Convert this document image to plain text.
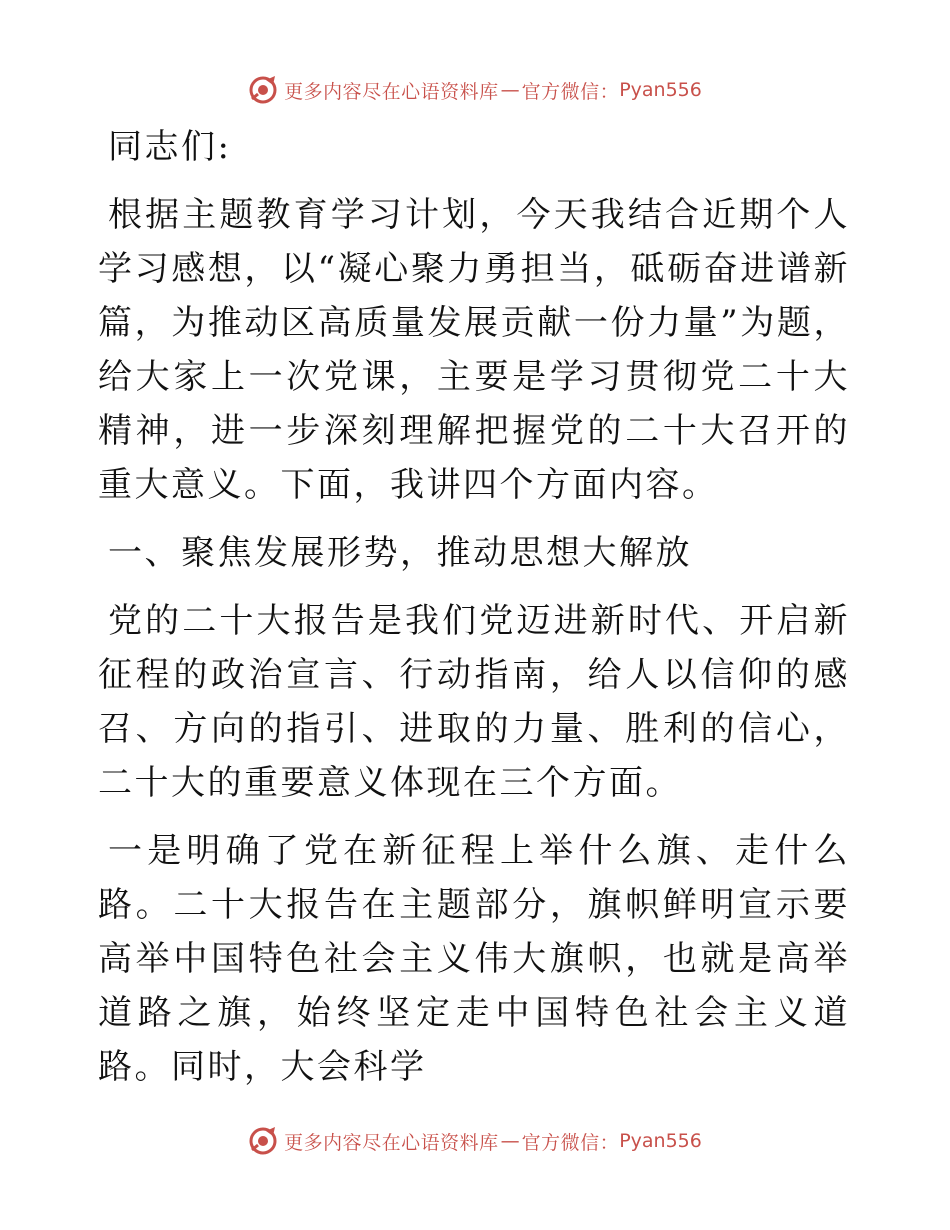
更多内容尽在心语资料库 — 官方微信： Pyan556

同志们:

根据主题教育学习计划，今天我结合近期个人学习感想，以“凝心聚力勇担当，砥砺奋进谱新篇，为推动区高质量发展贡献一份力量”为题，给大家上一次党课，主要是学习贯彻党二十大精神，进一步深刻理解把握党的二十大召开的重大意义。下面，我讲四个方面内容。

一、聚焦发展形势，推动思想大解放

党的二十大报告是我们党迈进新时代、开启新征程的政治宣言、行动指南，给人以信仰的感召、方向的指引、进取的力量、胜利的信心，二十大的重要意义体现在三个方面。

一是明确了党在新征程上举什么旗、走什么路。二十大报告在主题部分，旗帜鲜明宣示要高举中国特色社会主义伟大旗帜，也就是高举道路之旗，始终坚定走中国特色社会主义道路。同时，大会科学

更多内容尽在心语资料库 — 官方微信： Pyan556
